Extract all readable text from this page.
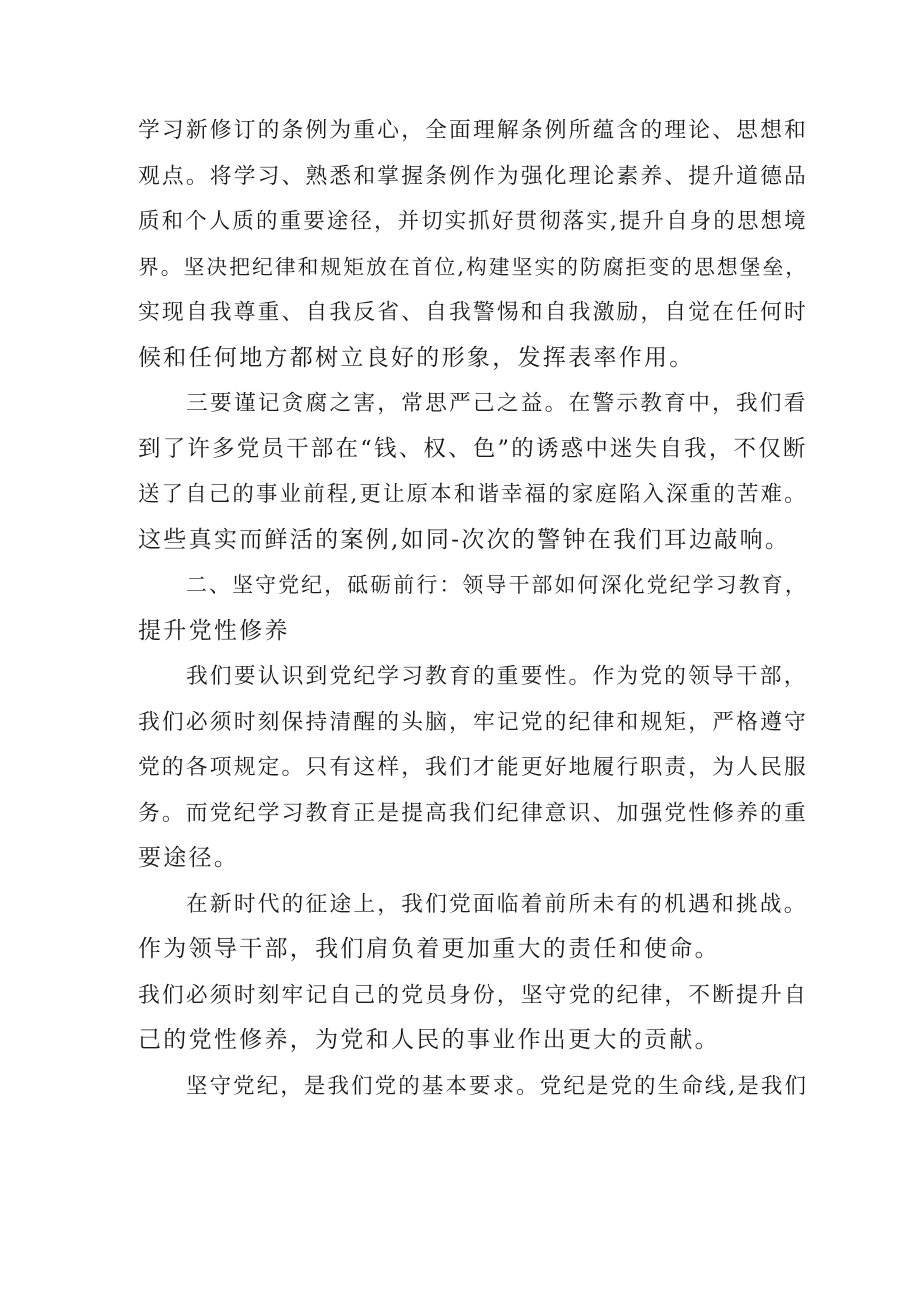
学习新修订的条例为重心，全面理解条例所蕴含的理论、思想和
观点。将学习、熟悉和掌握条例作为强化理论素养、提升道德品
质和个人质的重要途径，并切实抓好贯彻落实,提升自身的思想境
界。坚决把纪律和规矩放在首位,构建坚实的防腐拒变的思想堡垒，
实现自我尊重、自我反省、自我警惕和自我激励，自觉在任何时
候和任何地方都树立良好的形象，发挥表率作用。

三要谨记贪腐之害，常思严己之益。在警示教育中，我们看
到了许多党员干部在“钱、权、色”的诱惑中迷失自我，不仅断
送了自己的事业前程,更让原本和谐幸福的家庭陷入深重的苦难。
这些真实而鲜活的案例,如同-次次的警钟在我们耳边敲响。

二、坚守党纪，砥砺前行：领导干部如何深化党纪学习教育，
提升党性修养

我们要认识到党纪学习教育的重要性。作为党的领导干部，
我们必须时刻保持清醒的头脑，牢记党的纪律和规矩，严格遵守
党的各项规定。只有这样，我们才能更好地履行职责，为人民服
务。而党纪学习教育正是提高我们纪律意识、加强党性修养的重
要途径。

在新时代的征途上，我们党面临着前所未有的机遇和挑战。
作为领导干部，我们肩负着更加重大的责任和使命。
我们必须时刻牢记自己的党员身份，坚守党的纪律，不断提升自
己的党性修养，为党和人民的事业作出更大的贡献。

坚守党纪，是我们党的基本要求。党纪是党的生命线,是我们
